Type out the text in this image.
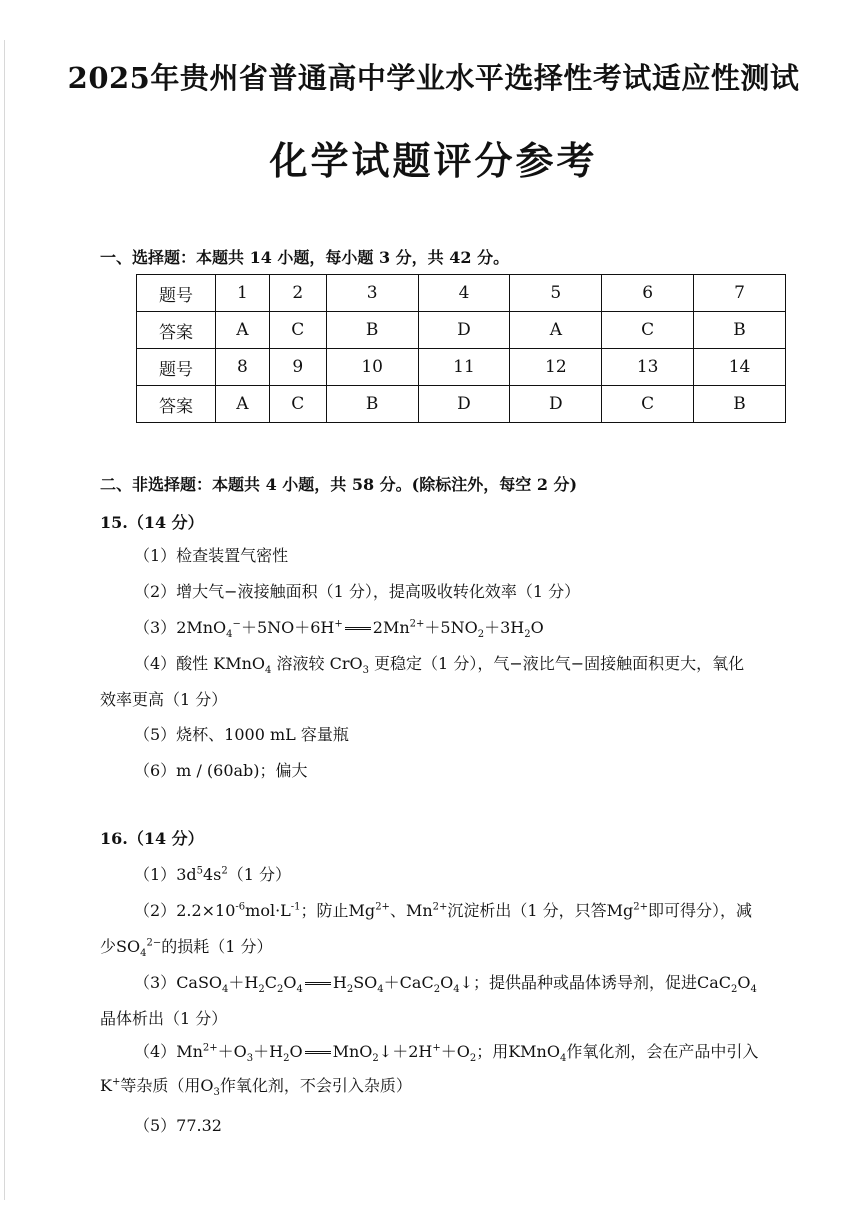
2025年贵州省普通高中学业水平选择性考试适应性测试
化学试题评分参考
一、选择题：本题共 14 小题，每小题 3 分，共 42 分。
题号	1	2	3	4	5	6	7
答案	A	C	B	D	A	C	B
题号	8	9	10	11	12	13	14
答案	A	C	B	D	D	C	B
二、非选择题：本题共 4 小题，共 58 分。(除标注外，每空 2 分)
15.（14 分）
（1）检查装置气密性
（2）增大气−液接触面积（1 分），提高吸收转化效率（1 分）
（3）2MnO$_4$−＋5NO＋6H+ $2Mn^{2+}+5NO_2+3H_2O$
（4）酸性 KMnO$_4$ 溶液较 CrO$_3$ 更稳定（1 分），气−液比气−固接触面积更大，氧化
效率更高（1 分）
（5）烧杯、1000 mL 容量瓶
（6）m / (60ab)；偏大
16.（14 分）
$(1)3d^54s^2(1$ 分）
$(2)2.2\times 10^{-6}mol\cdot L^{-1}$；防止$Mg^{2+}$、$Mn^{2+}$沉淀析出（1 分，只答$Mg^{2+}$即可得分），减
少$SO_4^{2-}$的损耗（1 分）
$(3)CaSO_4+H_2C_2O_4$ $H_2SO_4+CaC_2O_4↓$；提供晶种或晶体诱导剂，促进$CaC_2O_4$
晶体析出（1 分）
$(4)Mn^{2+}+O_3+H_2O$ $MnO_2↓+2H^++O_2$；用KMnO$_4$作氧化剂，会在产品中引入
K+等杂质（用$O_3$作氧化剂，不会引入杂质）
（5）77.32
